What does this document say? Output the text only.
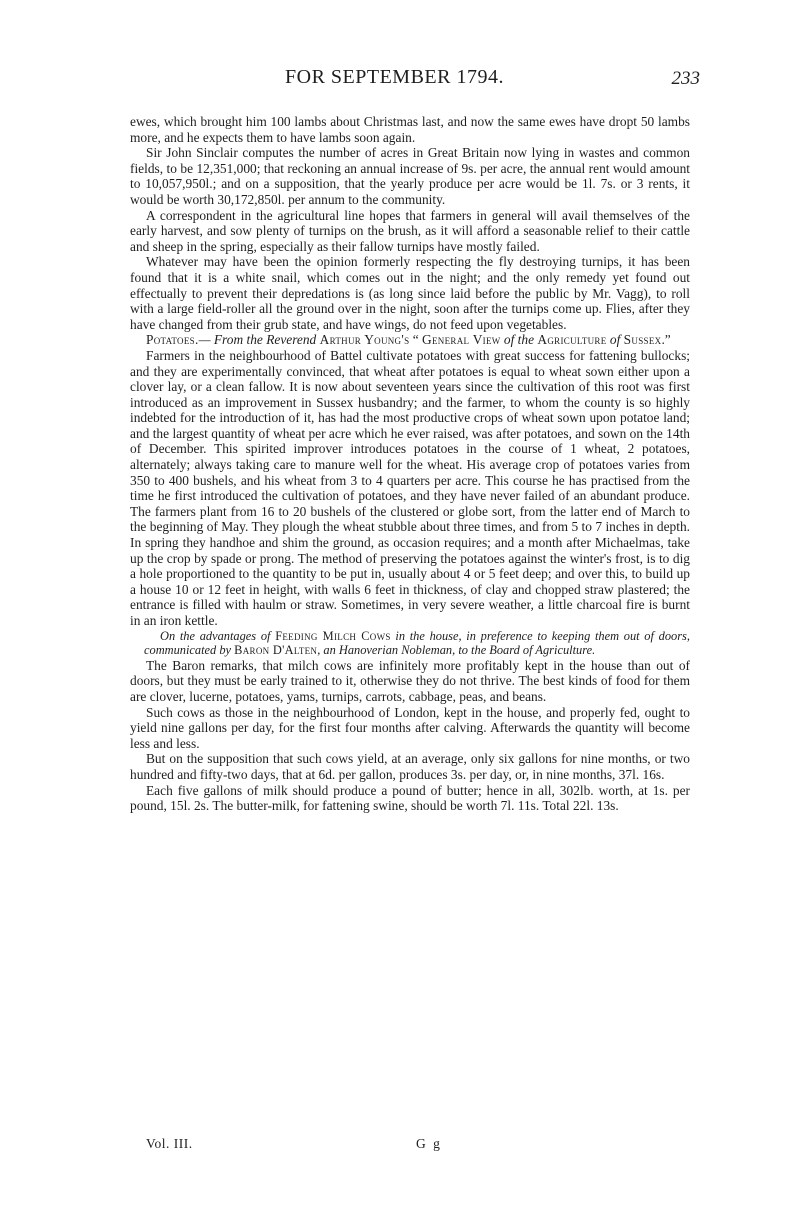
FOR SEPTEMBER 1794.	233

ewes, which brought him 100 lambs about Christmas last, and now the same ewes have dropt 50 lambs more, and he expects them to have lambs soon again.

Sir John Sinclair computes the number of acres in Great Britain now lying in wastes and common fields, to be 12,351,000; that reckoning an annual increase of 9s. per acre, the annual rent would amount to 10,057,950l.; and on a supposition, that the yearly produce per acre would be 1l. 7s. or 3 rents, it would be worth 30,172,850l. per annum to the community.

A correspondent in the agricultural line hopes that farmers in general will avail themselves of the early harvest, and sow plenty of turnips on the brush, as it will afford a seasonable relief to their cattle and sheep in the spring, especially as their fallow turnips have mostly failed.

Whatever may have been the opinion formerly respecting the fly destroying turnips, it has been found that it is a white snail, which comes out in the night; and the only remedy yet found out effectually to prevent their depredations is (as long since laid before the public by Mr. Vagg), to roll with a large field-roller all the ground over in the night, soon after the turnips come up. Flies, after they have changed from their grub state, and have wings, do not feed upon vegetables.

Potatoes.— From the Reverend Arthur Young's “ General View of the Agriculture of Sussex.”

Farmers in the neighbourhood of Battel cultivate potatoes with great success for fattening bullocks; and they are experimentally convinced, that wheat after potatoes is equal to wheat sown either upon a clover lay, or a clean fallow. It is now about seventeen years since the cultivation of this root was first introduced as an improvement in Sussex husbandry; and the farmer, to whom the county is so highly indebted for the introduction of it, has had the most productive crops of wheat sown upon potatoe land; and the largest quantity of wheat per acre which he ever raised, was after potatoes, and sown on the 14th of December. This spirited improver introduces potatoes in the course of 1 wheat, 2 potatoes, alternately; always taking care to manure well for the wheat. His average crop of potatoes varies from 350 to 400 bushels, and his wheat from 3 to 4 quarters per acre. This course he has practised from the time he first introduced the cultivation of potatoes, and they have never failed of an abundant produce. The farmers plant from 16 to 20 bushels of the clustered or globe sort, from the latter end of March to the beginning of May. They plough the wheat stubble about three times, and from 5 to 7 inches in depth. In spring they handhoe and shim the ground, as occasion requires; and a month after Michaelmas, take up the crop by spade or prong. The method of preserving the potatoes against the winter's frost, is to dig a hole proportioned to the quantity to be put in, usually about 4 or 5 feet deep; and over this, to build up a house 10 or 12 feet in height, with walls 6 feet in thickness, of clay and chopped straw plastered; the entrance is filled with haulm or straw. Sometimes, in very severe weather, a little charcoal fire is burnt in an iron kettle.

On the advantages of Feeding Milch Cows in the house, in preference to keeping them out of doors, communicated by Baron D'Alten, an Hanoverian Nobleman, to the Board of Agriculture.

The Baron remarks, that milch cows are infinitely more profitably kept in the house than out of doors, but they must be early trained to it, otherwise they do not thrive. The best kinds of food for them are clover, lucerne, potatoes, yams, turnips, carrots, cabbage, peas, and beans.

Such cows as those in the neighbourhood of London, kept in the house, and properly fed, ought to yield nine gallons per day, for the first four months after calving. Afterwards the quantity will become less and less.

But on the supposition that such cows yield, at an average, only six gallons for nine months, or two hundred and fifty-two days, that at 6d. per gallon, produces 3s. per day, or, in nine months, 37l. 16s.

Each five gallons of milk should produce a pound of butter; hence in all, 302lb. worth, at 1s. per pound, 15l. 2s. The butter-milk, for fattening swine, should be worth 7l. 11s. Total 22l. 13s.

Vol. III.	G g
